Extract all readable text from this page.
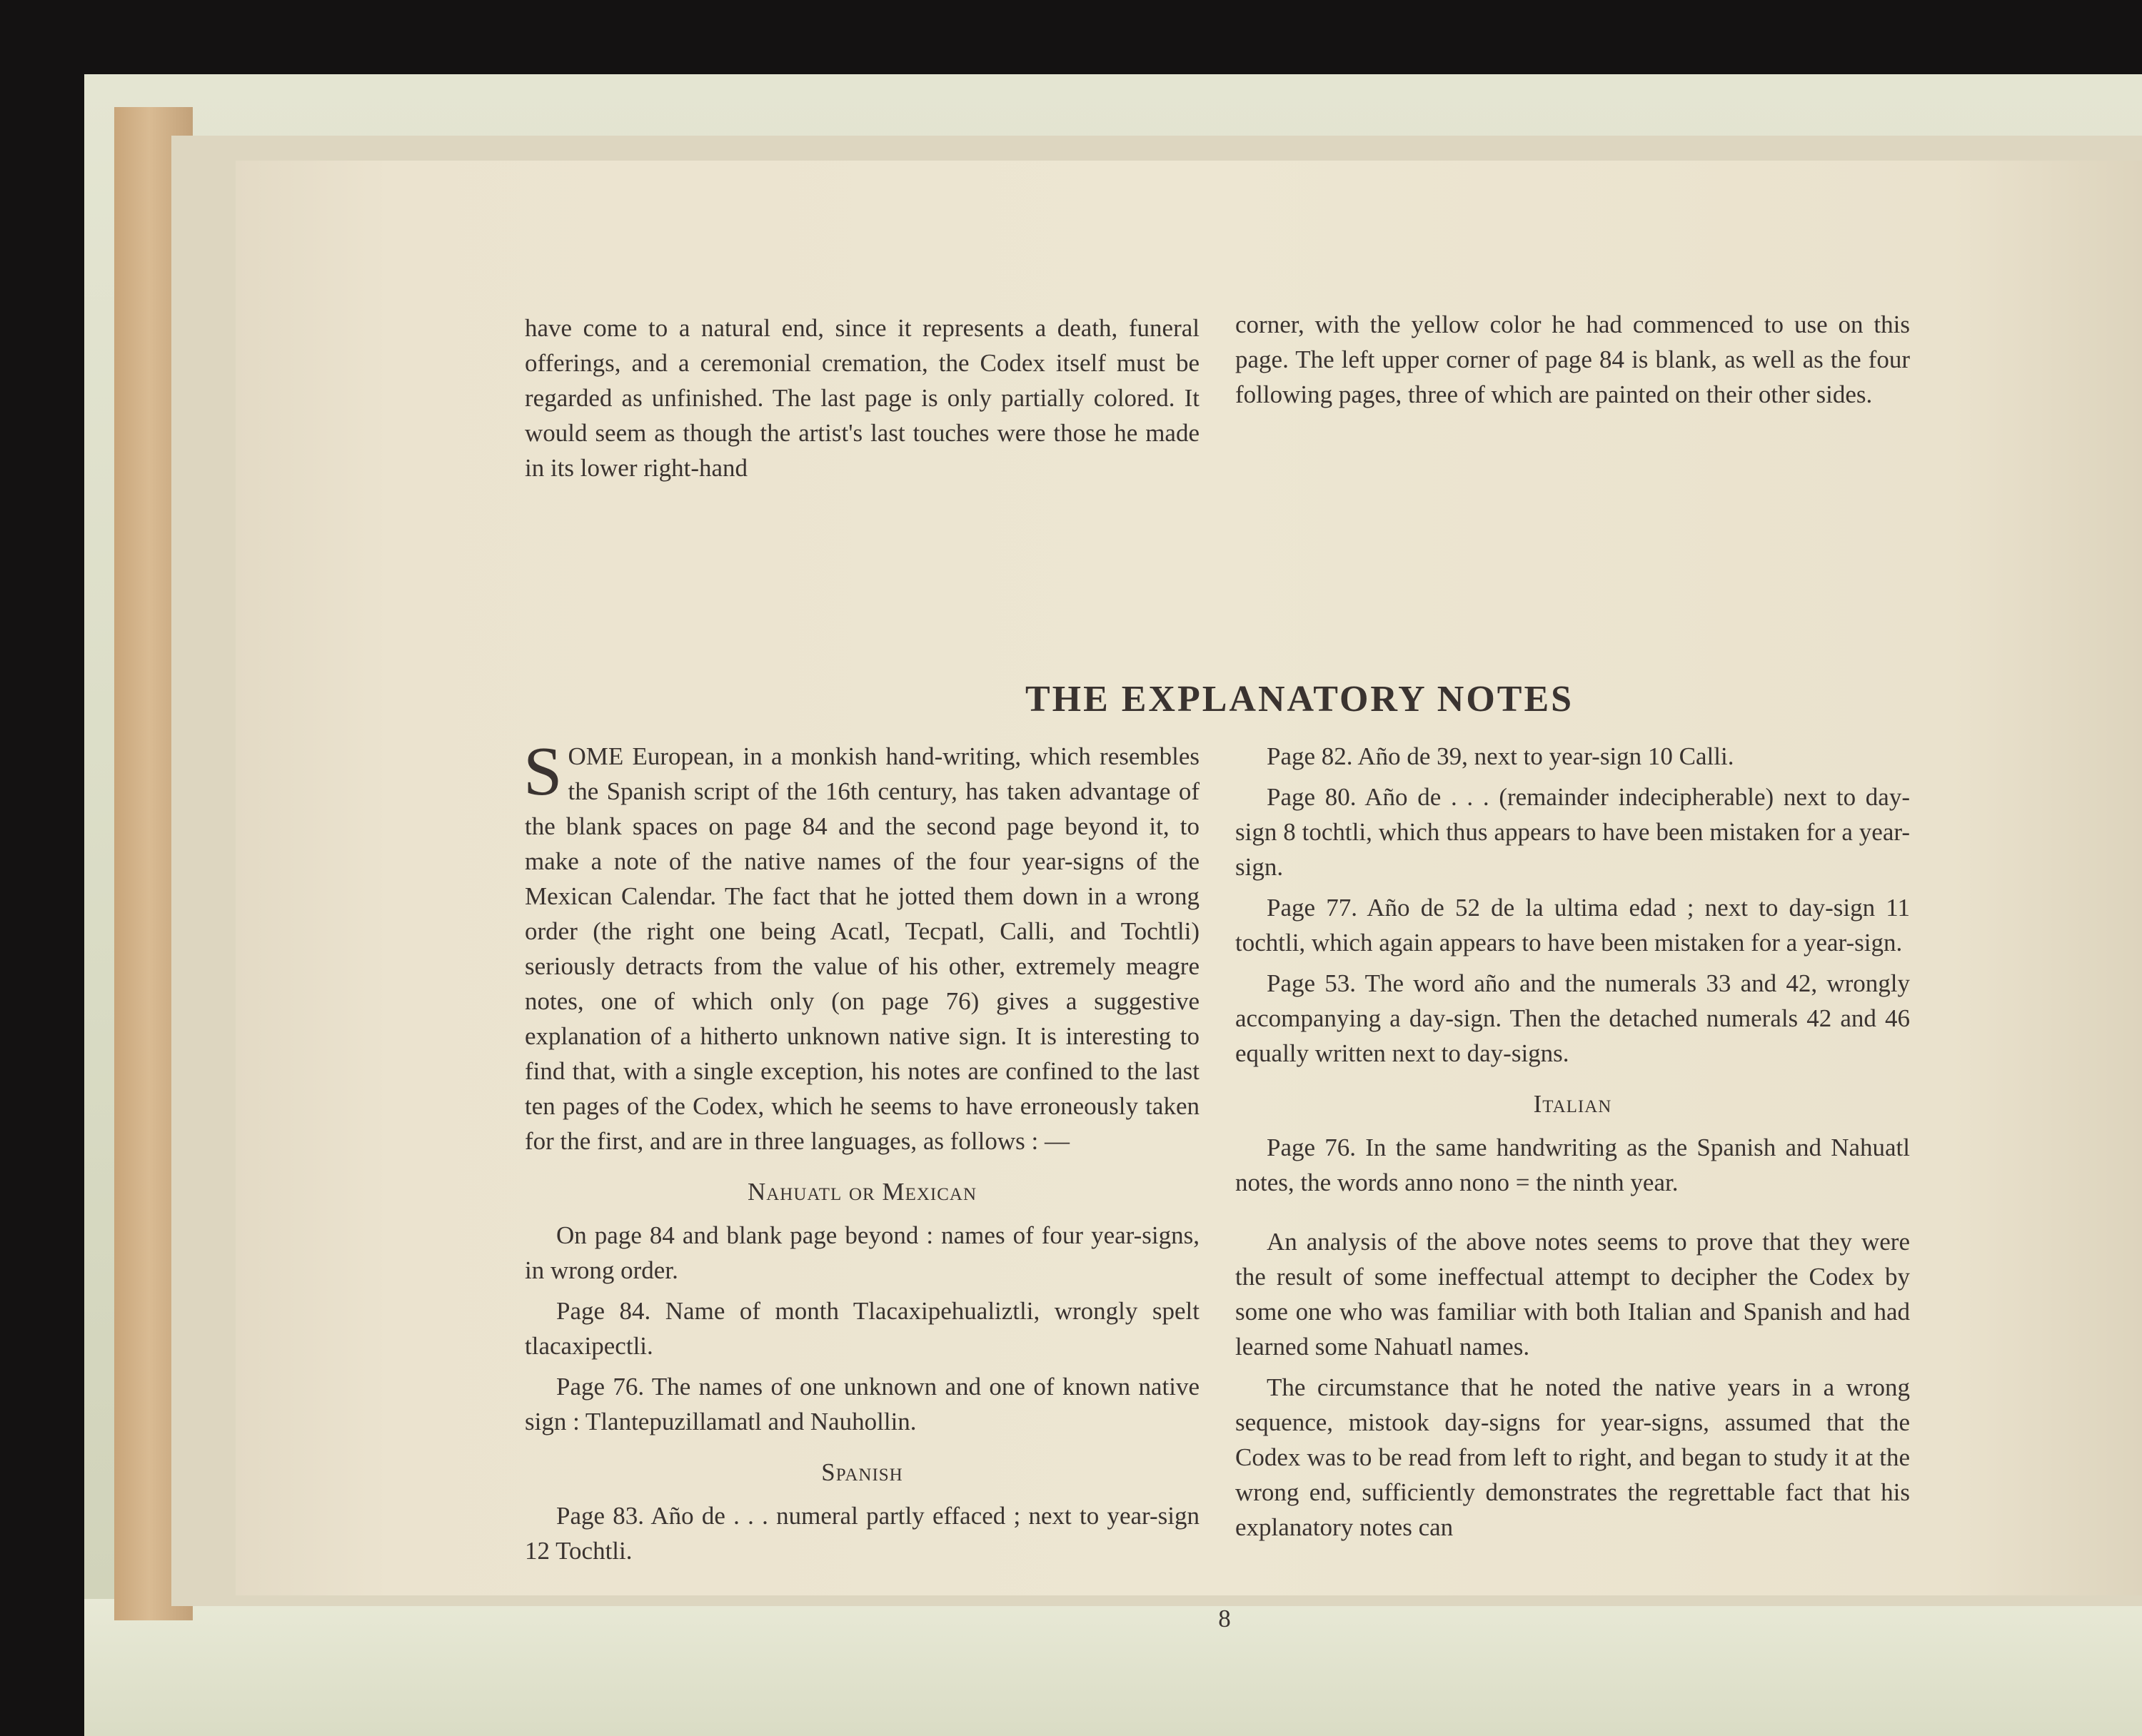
have come to a natural end, since it represents a death, funeral offerings, and a ceremonial cremation, the Codex itself must be regarded as unfinished. The last page is only partially colored. It would seem as though the artist's last touches were those he made in its lower right-hand

corner, with the yellow color he had commenced to use on this page. The left upper corner of page 84 is blank, as well as the four following pages, three of which are painted on their other sides.

THE EXPLANATORY NOTES

SOME European, in a monkish hand-writing, which resembles the Spanish script of the 16th century, has taken advantage of the blank spaces on page 84 and the second page beyond it, to make a note of the native names of the four year-signs of the Mexican Calendar. The fact that he jotted them down in a wrong order (the right one being Acatl, Tecpatl, Calli, and Tochtli) seriously detracts from the value of his other, extremely meagre notes, one of which only (on page 76) gives a suggestive explanation of a hitherto unknown native sign. It is interesting to find that, with a single exception, his notes are confined to the last ten pages of the Codex, which he seems to have erroneously taken for the first, and are in three languages, as follows : —

Nahuatl or Mexican

On page 84 and blank page beyond : names of four year-signs, in wrong order.

Page 84. Name of month Tlacaxipehualiztli, wrongly spelt tlacaxipectli.

Page 76. The names of one unknown and one of known native sign : Tlantepuzillamatl and Nauhollin.

Spanish

Page 83. Año de . . . numeral partly effaced ; next to year-sign 12 Tochtli.

Page 82. Año de 39, next to year-sign 10 Calli.

Page 80. Año de . . . (remainder indecipherable) next to day-sign 8 tochtli, which thus appears to have been mistaken for a year-sign.

Page 77. Año de 52 de la ultima edad ; next to day-sign 11 tochtli, which again appears to have been mistaken for a year-sign.

Page 53. The word año and the numerals 33 and 42, wrongly accompanying a day-sign. Then the detached numerals 42 and 46 equally written next to day-signs.

Italian

Page 76. In the same handwriting as the Spanish and Nahuatl notes, the words anno nono = the ninth year.

An analysis of the above notes seems to prove that they were the result of some ineffectual attempt to decipher the Codex by some one who was familiar with both Italian and Spanish and had learned some Nahuatl names.

The circumstance that he noted the native years in a wrong sequence, mistook day-signs for year-signs, assumed that the Codex was to be read from left to right, and began to study it at the wrong end, sufficiently demonstrates the regrettable fact that his explanatory notes can

8
